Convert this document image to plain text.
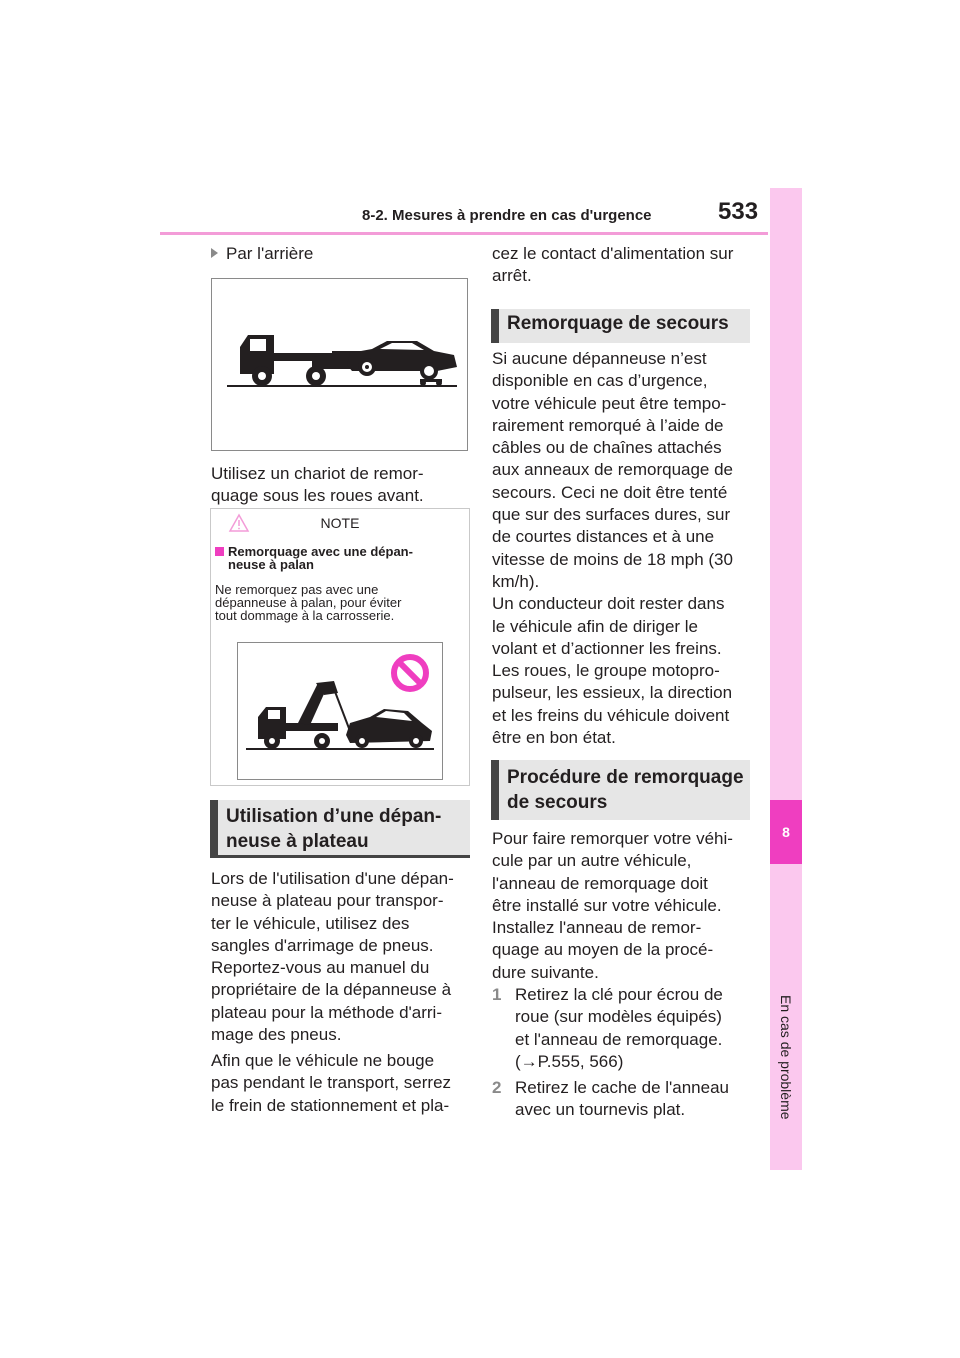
8-2. Mesures à prendre en cas d'urgence	533
8
Par l'arrière
Utilisez un chariot de remor-
quage sous les roues avant.
NOTE
Remorquage avec une dépan-
neuse à palan
Ne remorquez pas avec une
dépanneuse à palan, pour éviter
tout dommage à la carrosserie.
Utilisation d’une dépan-
neuse à plateau
Lors de l'utilisation d'une dépan-
neuse à plateau pour transpor-
ter le véhicule, utilisez des
sangles d'arrimage de pneus.
Reportez-vous au manuel du
propriétaire de la dépanneuse à
plateau pour la méthode d'arri-
mage des pneus.
Afin que le véhicule ne bouge
pas pendant le transport, serrez
le frein de stationnement et pla-
cez le contact d'alimentation sur
arrêt.
Remorquage de secours
Si aucune dépanneuse n’est
disponible en cas d’urgence,
votre véhicule peut être tempo-
rairement remorqué à l’aide de
câbles ou de chaînes attachés
aux anneaux de remorquage de
secours. Ceci ne doit être tenté
que sur des surfaces dures, sur
de courtes distances et à une
vitesse de moins de 18 mph (30
km/h).
Un conducteur doit rester dans
le véhicule afin de diriger le
volant et d’actionner les freins.
Les roues, le groupe motopro-
pulseur, les essieux, la direction
et les freins du véhicule doivent
être en bon état.
Procédure de remorquage
de secours
Pour faire remorquer votre véhi-
cule par un autre véhicule,
l'anneau de remorquage doit
être installé sur votre véhicule.
Installez l'anneau de remor-
quage au moyen de la procé-
dure suivante.
1 Retirez la clé pour écrou de
roue (sur modèles équipés)
et l'anneau de remorquage.
(→P.555, 566)
2 Retirez le cache de l'anneau
avec un tournevis plat.
